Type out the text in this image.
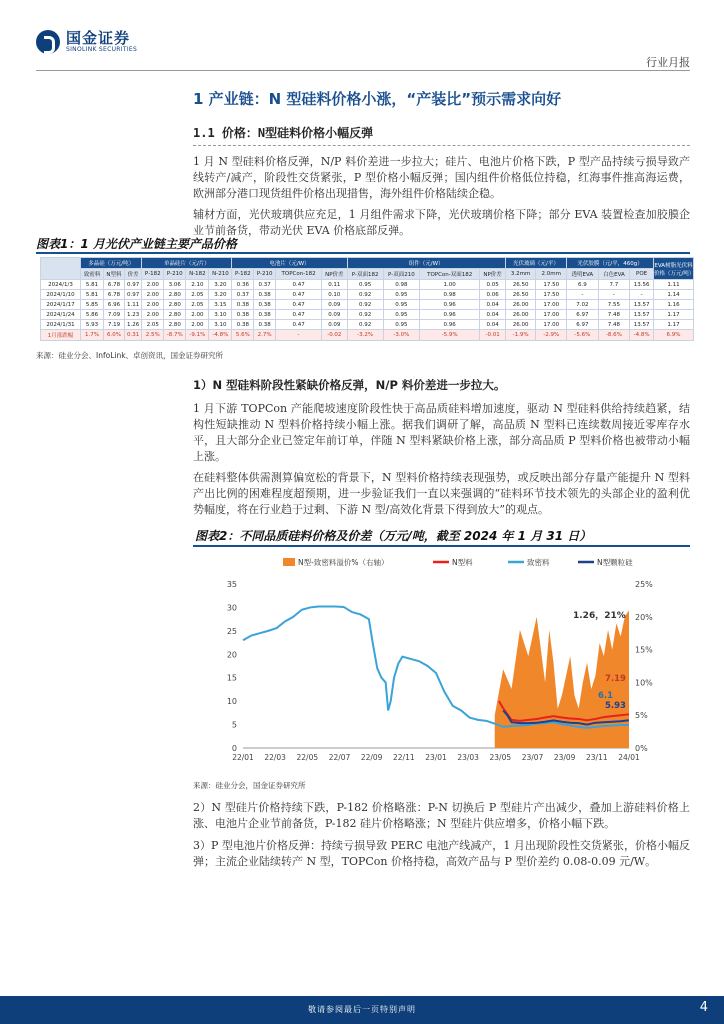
国金证券
SINOLINK SECURITIES
行业月报
1 产业链：N 型硅料价格小涨，“产装比”预示需求向好
1.1 价格：N型硅料价格小幅反弹
1 月 N 型硅料价格反弹，N/P 料价差进一步拉大；硅片、电池片价格下跌，P 型产品持续亏损导致产线转产/减产，阶段性交货紧张，P 型价格小幅反弹；国内组件价格低位持稳，红海事件推高海运费，欧洲部分港口现货组件价格出现措售，海外组件价格陆续企稳。
辅材方面，光伏玻璃供应充足，1 月组件需求下降，光伏玻璃价格下降；部分 EVA 装置检查加胶膜企业节前备货，带动光伏 EVA 价格底部反弹。
图表1：1 月光伏产业链主要产品价格
	多晶硅（万元/吨）			单晶硅片（元/片）				电池片（元/W）				组件（元/W）				光伏玻璃（元/平）		光伏胶膜（元/平，460g）			EVA树脂光伏料价格（万元/吨）
	致密料	N型料	价差	P-182	P-210	N-182	N-210	P-182	P-210	TOPCon-182	NP价差	P-双面182	P-双面210	TOPCon-双面182	NP价差	3.2mm	2.0mm	透明EVA	白色EVA	POE	
2024/1/3	5.81	6.78	0.97	2.00	3.06	2.10	3.20	0.36	0.37	0.47	0.11	0.95	0.98	1.00	0.05	26.50	17.50	6.9	7.7	13.56	1.11
2024/1/10	5.81	6.78	0.97	2.00	2.80	2.05	3.20	0.37	0.38	0.47	0.10	0.92	0.95	0.98	0.06	26.50	17.50	-	-	-	1.14
2024/1/17	5.85	6.96	1.11	2.00	2.80	2.05	3.15	0.38	0.38	0.47	0.09	0.92	0.95	0.96	0.04	26.00	17.00	7.02	7.55	13.57	1.16
2024/1/24	5.86	7.09	1.23	2.00	2.80	2.00	3.10	0.38	0.38	0.47	0.09	0.92	0.95	0.96	0.04	26.00	17.00	6.97	7.48	13.57	1.17
2024/1/31	5.93	7.19	1.26	2.05	2.80	2.00	3.10	0.38	0.38	0.47	0.09	0.92	0.95	0.96	0.04	26.00	17.00	6.97	7.48	13.57	1.17
1月涨跌幅	1.7%	6.0%	0.31	2.5%	-8.7%	-9.1%	-4.8%	5.6%	2.7%	-	-0.02	-3.2%	-3.0%	-5.9%	-0.01	-1.9%	-2.9%	-5.6%	-8.6%	-4.8%	6.9%
来源：硅业分会、InfoLink、卓创资讯，国金证券研究所
1）N 型硅料阶段性紧缺价格反弹，N/P 料价差进一步拉大。
1 月下游 TOPCon 产能爬坡速度阶段性快于高品质硅料增加速度，驱动 N 型硅料供给持续趋紧，结构性短缺推动 N 型料价格持续小幅上涨。据我们调研了解，高品质 N 型料已连续数周接近零库存水平，且大部分企业已签定年前订单，伴随 N 型料紧缺价格上涨，部分高品质 P 型料价格也被带动小幅上涨。
在硅料整体供需测算偏宽松的背景下，N 型料价格持续表现强势，或反映出部分存量产能提升 N 型料产出比例的困难程度超预期，进一步验证我们一直以来强调的“硅料环节技术领先的头部企业的盈利优势幅度，将在行业趋于过剩、下游 N 型/高效化背景下得到放大”的观点。
图表2：不同品质硅料价格及价差（万元/吨，截至 2024 年 1 月 31 日）
N型-致密料溢价%（右轴）	N型料	致密料	N型颗粒硅
0
5
10
15
20
25
30
35
0%
5%
10%
15%
20%
25%
22/01 22/03 22/05 22/07 22/09 22/11 23/01 23/03 23/05 23/07 23/09 23/11 24/01
1.26，21%
7.19
6.1
5.93
来源：硅业分会，国金证券研究所
2）N 型硅片价格持续下跌，P-182 价格略涨：P-N 切换后 P 型硅片产出减少，叠加上游硅料价格上涨、电池片企业节前备货，P-182 硅片价格略涨；N 型硅片供应增多，价格小幅下跌。
3）P 型电池片价格反弹：持续亏损导致 PERC 电池产线减产，1 月出现阶段性交货紧张，价格小幅反弹；主流企业陆续转产 N 型，TOPCon 价格持稳，高效产品与 P 型价差约 0.08-0.09 元/W。
敬请参阅最后一页特别声明	4
